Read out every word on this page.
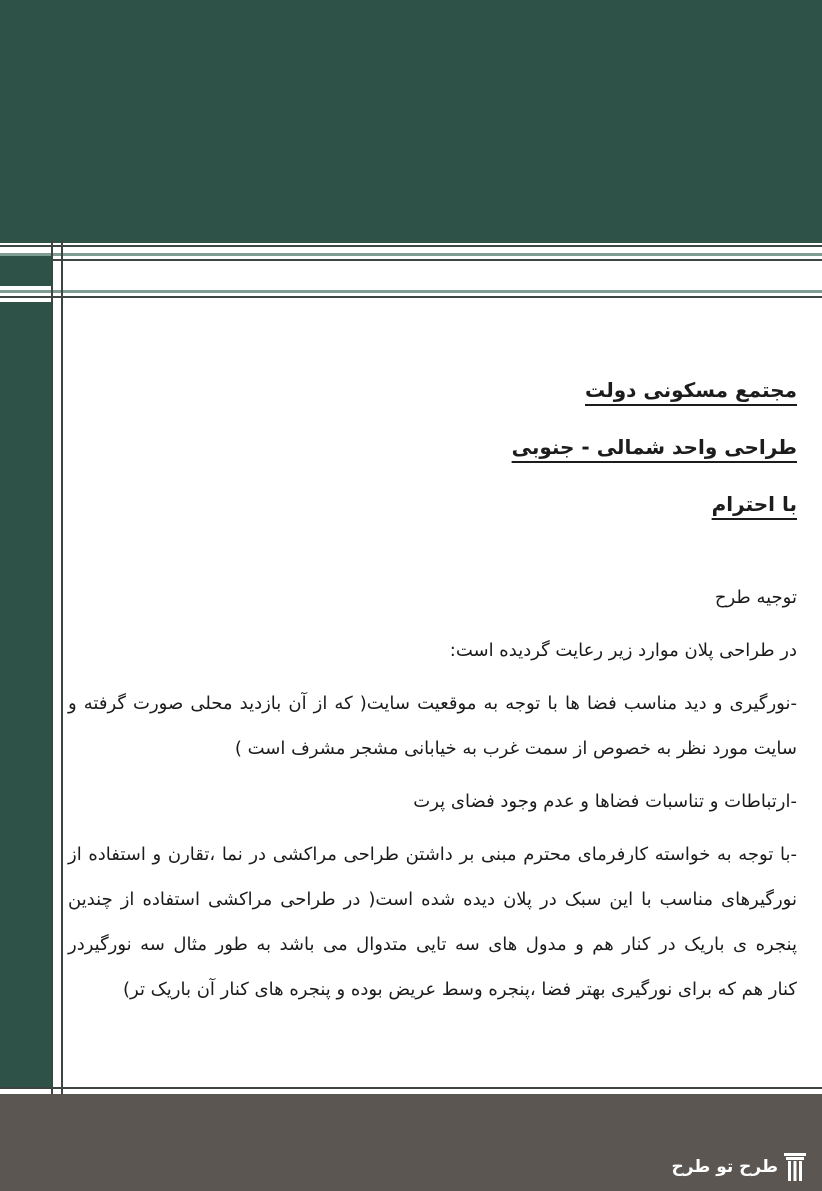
مجتمع مسکونی دولت
طراحی واحد شمالی - جنوبی
با احترام

توجیه طرح

در طراحی پلان موارد زیر رعایت گردیده است:

-نورگیری و دید مناسب فضا ها با توجه به موقعیت سایت( که از آن بازدید محلی صورت گرفته و
سایت مورد نظر به خصوص از سمت غرب به خیابانی مشجر مشرف است )

-ارتباطات و تناسبات فضاها و عدم وجود فضای پرت

-با توجه به خواسته کارفرمای محترم مبنی بر داشتن طراحی مراکشی در نما ،تقارن و استفاده از
نورگیرهای مناسب با این سبک در پلان دیده شده است( در طراحی مراکشی استفاده از چندین
پنجره ی باریک در کنار هم و مدول های سه تایی متدوال می باشد به طور مثال سه نورگیردر
کنار هم که برای نورگیری بهتر فضا ،پنجره وسط عریض بوده و پنجره های کنار آن باریک تر)

طرح تو طرح
